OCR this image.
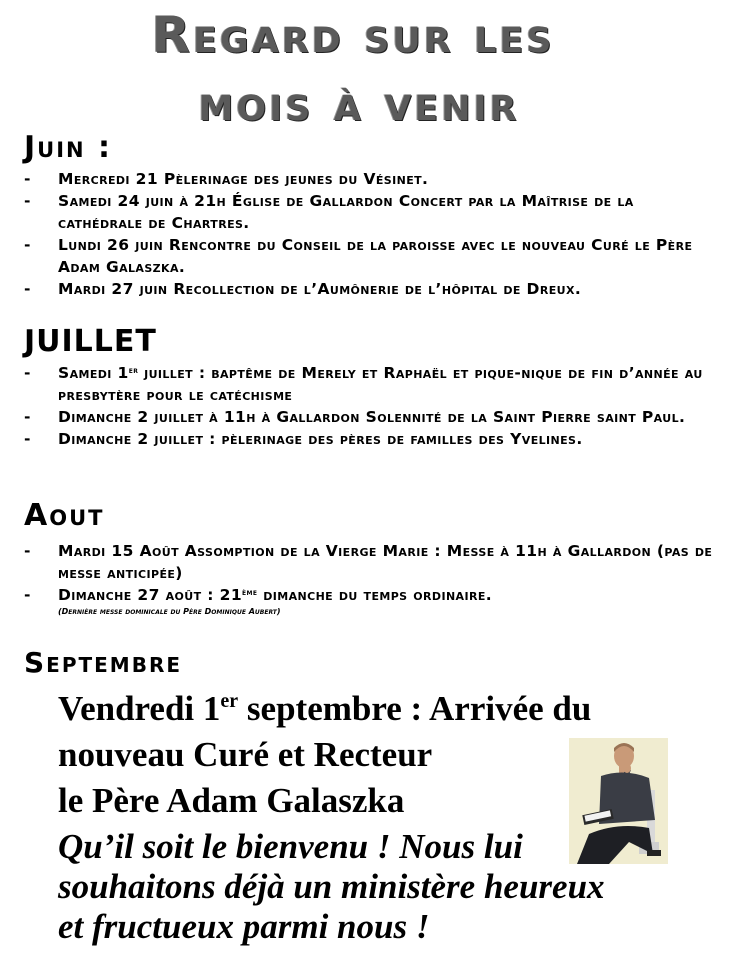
Regard sur les
mois à venir
Juin :
-	Mercredi 21 Pèlerinage des jeunes du Vésinet.
-	Samedi 24 juin à 21h Église de Gallardon Concert par la Maîtrise de la cathédrale de Chartres.
-	Lundi 26 juin Rencontre du Conseil de la paroisse avec le nouveau Curé le Père Adam Galaszka.
-	Mardi 27 juin Recollection de l’Aumônerie de l’hôpital de Dreux.
JUILLET
-	Samedi 1er juillet : baptême de Merely et Raphaël et pique-nique de fin d’année au presbytère pour le catéchisme
-	Dimanche 2 juillet à 11h à Gallardon Solennité de la Saint Pierre saint Paul.
-	Dimanche 2 juillet : pèlerinage des pères de familles des Yvelines.
Aout
-	Mardi 15 Août Assomption de la Vierge Marie : Messe à 11h à Gallardon (pas de messe anticipée)
-	Dimanche 27 août : 21ème dimanche du temps ordinaire.
(Dernière messe dominicale du Père Dominique Aubert)
Septembre
Vendredi 1er septembre : Arrivée du
nouveau Curé et Recteur
le Père Adam Galaszka
Qu’il soit le bienvenu ! Nous lui
souhaitons déjà un ministère heureux
et fructueux parmi nous !
